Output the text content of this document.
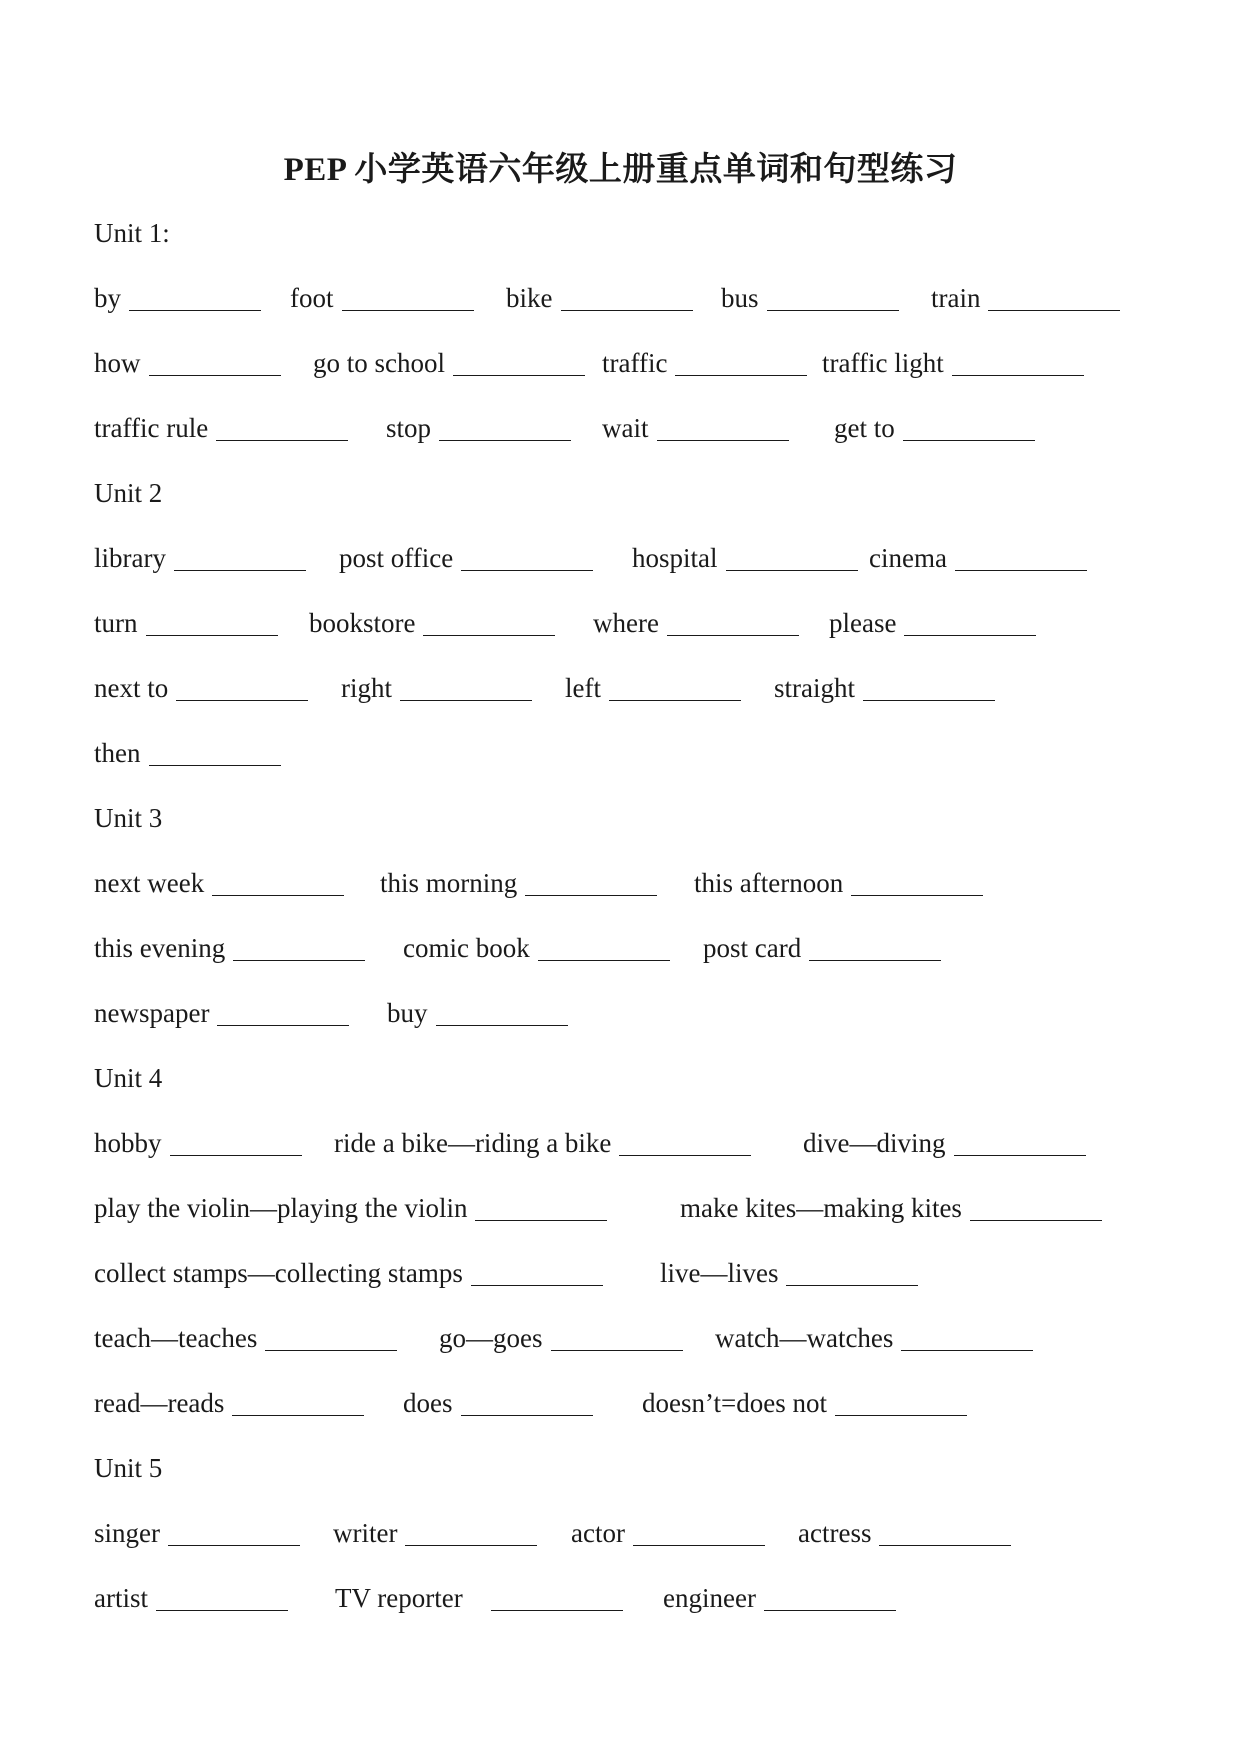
PEP 小学英语六年级上册重点单词和句型练习
Unit 1:
by	foot	bike	bus	train
how	go to school	traffic	traffic light
traffic rule	stop	wait	get to
Unit 2
library	post office	hospital	cinema
turn	bookstore	where	please
next to	right	left	straight
then
Unit 3
next week	this morning	this afternoon
this evening	comic book	post card
newspaper	buy
Unit 4
hobby	ride a bike—riding a bike	dive—diving
play the violin—playing the violin	make kites—making kites
collect stamps—collecting stamps	live—lives
teach—teaches	go—goes	watch—watches
read—reads	does	doesn’t=does not
Unit 5
singer	writer	actor	actress
artist	TV reporter	engineer
